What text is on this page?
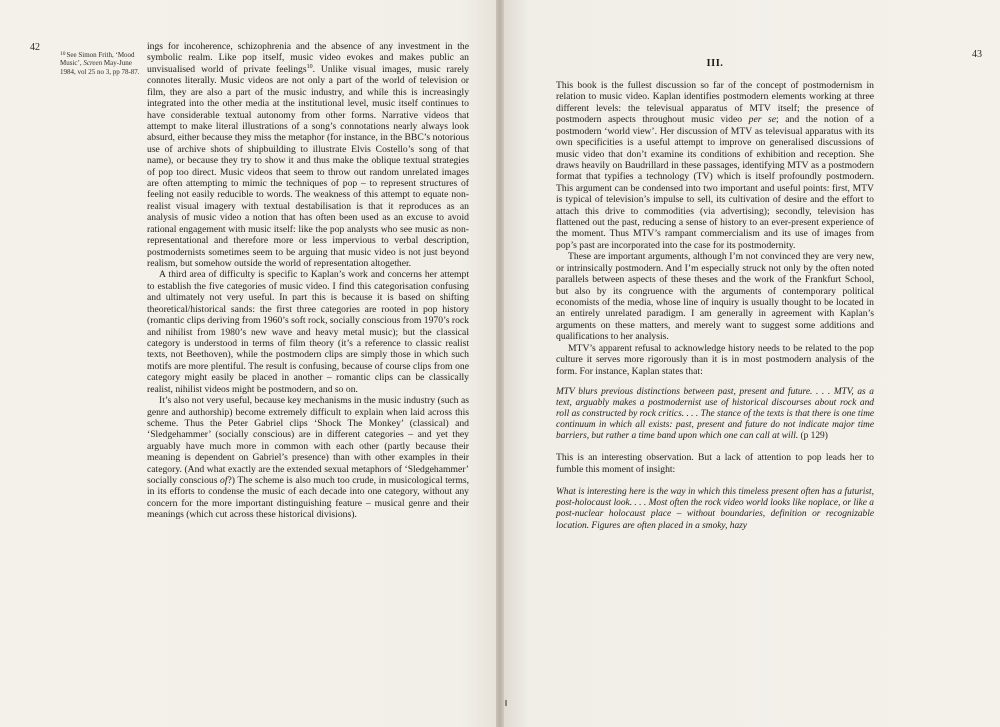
42
$^{10}$See Simon Frith, ‘Mood Music’, Screen May-June 1984, vol 25 no 3, pp 78-87.

ings for incoherence, schizophrenia and the absence of any investment in the symbolic realm. Like pop itself, music video evokes and makes public an unvisualised world of private feelings$^{10}$. Unlike visual images, music rarely connotes literally. Music videos are not only a part of the world of television or film, they are also a part of the music industry, and while this is increasingly integrated into the other media at the institutional level, music itself continues to have considerable textual autonomy from other forms. Narrative videos that attempt to make literal illustrations of a song’s connotations nearly always look absurd, either because they miss the metaphor (for instance, in the BBC’s notorious use of archive shots of shipbuilding to illustrate Elvis Costello’s song of that name), or because they try to show it and thus make the oblique textual strategies of pop too direct. Music videos that seem to throw out random unrelated images are often attempting to mimic the techniques of pop – to represent structures of feeling not easily reducible to words. The weakness of this attempt to equate non-realist visual imagery with textual destabilisation is that it reproduces as an analysis of music video a notion that has often been used as an excuse to avoid rational engagement with music itself: like the pop analysts who see music as non-representational and therefore more or less impervious to verbal description, postmodernists sometimes seem to be arguing that music video is not just beyond realism, but somehow outside the world of representation altogether.

A third area of difficulty is specific to Kaplan’s work and concerns her attempt to establish the five categories of music video. I find this categorisation confusing and ultimately not very useful. In part this is because it is based on shifting theoretical/historical sands: the first three categories are rooted in pop history (romantic clips deriving from 1960’s soft rock, socially conscious from 1970’s rock and nihilist from 1980’s new wave and heavy metal music); but the classical category is understood in terms of film theory (it’s a reference to classic realist texts, not Beethoven), while the postmodern clips are simply those in which such motifs are more plentiful. The result is confusing, because of course clips from one category might easily be placed in another – romantic clips can be classically realist, nihilist videos might be postmodern, and so on.

It’s also not very useful, because key mechanisms in the music industry (such as genre and authorship) become extremely difficult to explain when laid across this scheme. Thus the Peter Gabriel clips ‘Shock The Monkey’ (classical) and ‘Sledgehammer’ (socially conscious) are in different categories – and yet they arguably have much more in common with each other (partly because their meaning is dependent on Gabriel’s presence) than with other examples in their category. (And what exactly are the extended sexual metaphors of ‘Sledgehammer’ socially conscious of?) The scheme is also much too crude, in musicological terms, in its efforts to condense the music of each decade into one category, without any concern for the more important distinguishing feature – musical genre and their meanings (which cut across these historical divisions).

43
III.

This book is the fullest discussion so far of the concept of postmodernism in relation to music video. Kaplan identifies postmodern elements working at three different levels: the televisual apparatus of MTV itself; the presence of postmodern aspects throughout music video per se; and the notion of a postmodern ‘world view’. Her discussion of MTV as televisual apparatus with its own specificities is a useful attempt to improve on generalised discussions of music video that don’t examine its conditions of exhibition and reception. She draws heavily on Baudrillard in these passages, identifying MTV as a postmodern format that typifies a technology (TV) which is itself profoundly postmodern. This argument can be condensed into two important and useful points: first, MTV is typical of television’s impulse to sell, its cultivation of desire and the effort to attach this drive to commodities (via advertising); secondly, television has flattened out the past, reducing a sense of history to an ever-present experience of the moment. Thus MTV’s rampant commercialism and its use of images from pop’s past are incorporated into the case for its postmodernity.

These are important arguments, although I’m not convinced they are very new, or intrinsically postmodern. And I’m especially struck not only by the often noted parallels between aspects of these theses and the work of the Frankfurt School, but also by its congruence with the arguments of contemporary political economists of the media, whose line of inquiry is usually thought to be located in an entirely unrelated paradigm. I am generally in agreement with Kaplan’s arguments on these matters, and merely want to suggest some additions and qualifications to her analysis.

MTV’s apparent refusal to acknowledge history needs to be related to the pop culture it serves more rigorously than it is in most postmodern analysis of the form. For instance, Kaplan states that:

MTV blurs previous distinctions between past, present and future. . . . MTV, as a text, arguably makes a postmodernist use of historical discourses about rock and roll as constructed by rock critics. . . . The stance of the texts is that there is one time continuum in which all exists: past, present and future do not indicate major time barriers, but rather a time band upon which one can call at will. (p 129)

This is an interesting observation. But a lack of attention to pop leads her to fumble this moment of insight:

What is interesting here is the way in which this timeless present often has a futurist, post-holocaust look. . . . Most often the rock video world looks like noplace, or like a post-nuclear holocaust place – without boundaries, definition or recognizable location. Figures are often placed in a smoky, hazy
